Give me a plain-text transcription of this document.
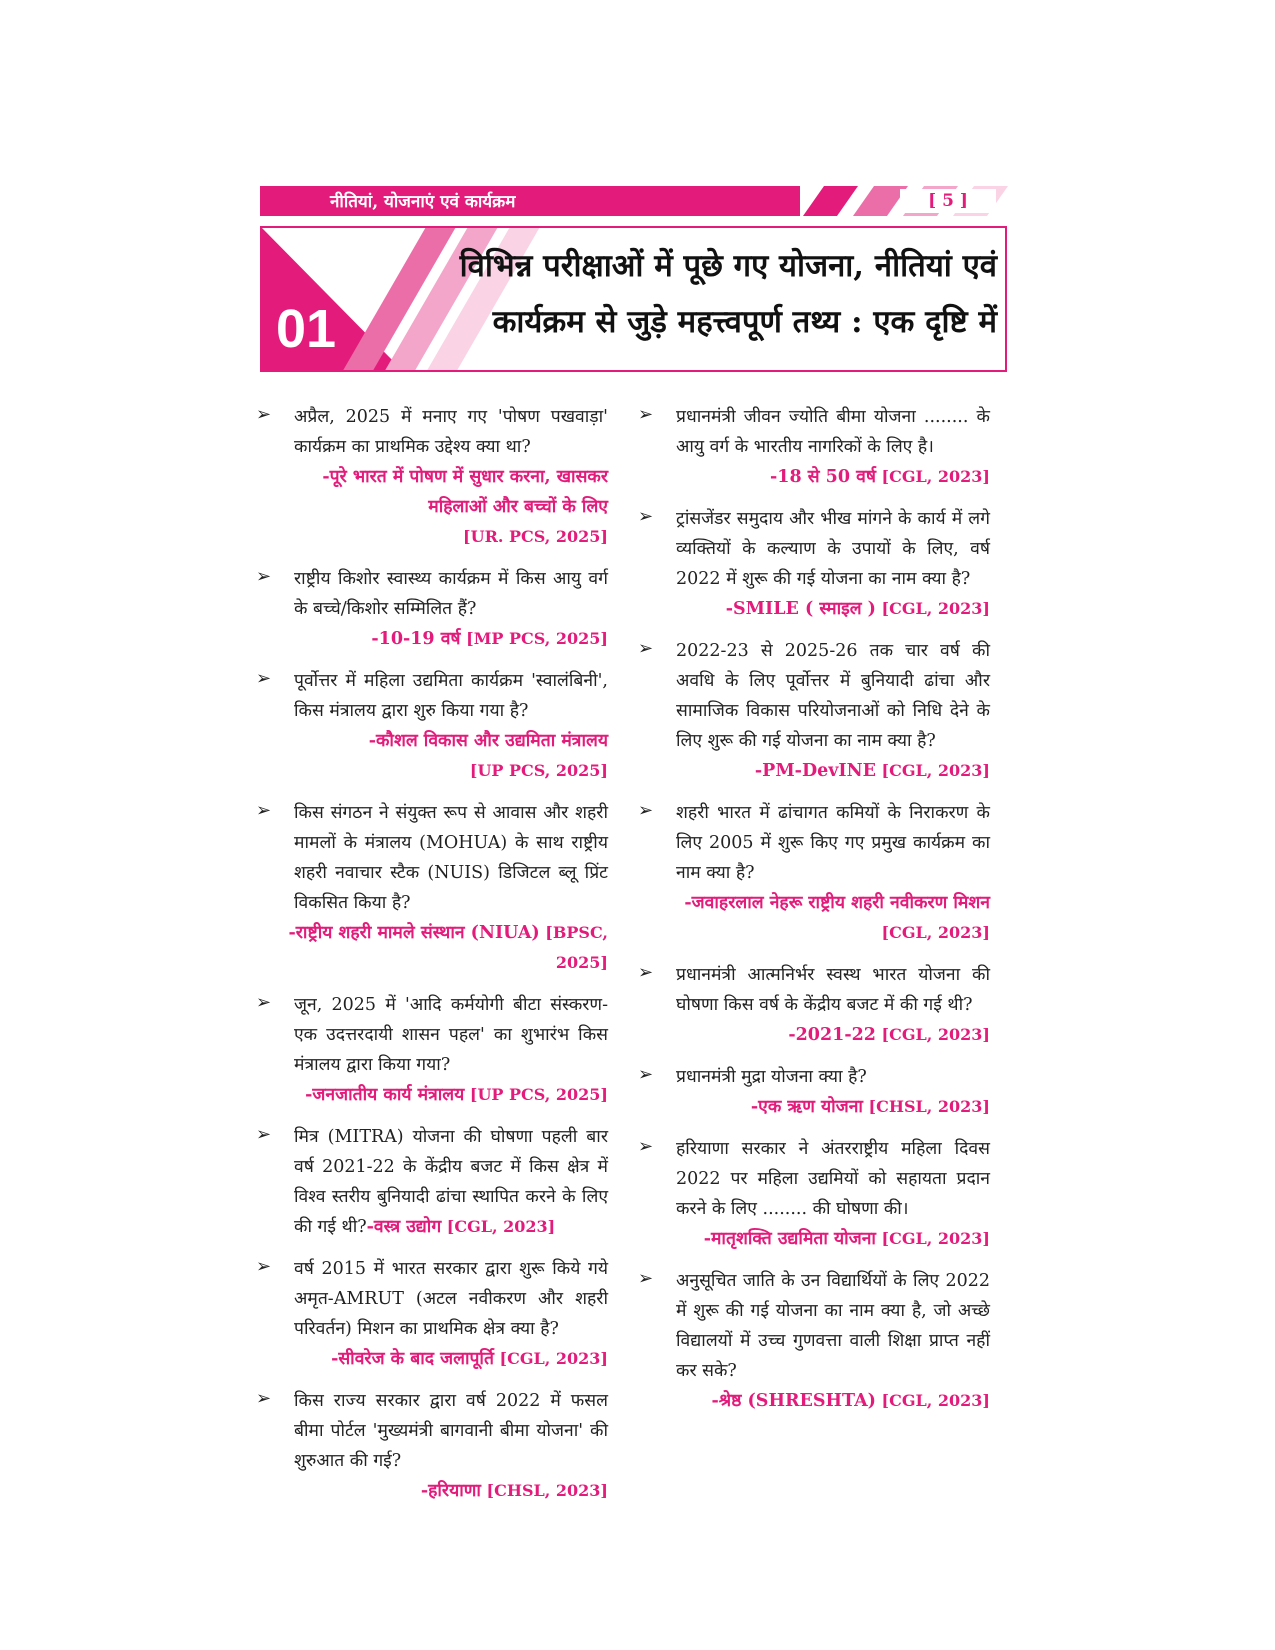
नीतियां, योजनाएं एवं कार्यक्रम	[ 5 ]
01
विभिन्न परीक्षाओं में पूछे गए योजना, नीतियां एवं
कार्यक्रम से जुड़े महत्त्वपूर्ण तथ्य : एक दृष्टि में
➢ अप्रैल, 2025 में मनाए गए 'पोषण पखवाड़ा' कार्यक्रम का प्राथमिक उद्देश्य क्या था?
-पूरे भारत में पोषण में सुधार करना, खासकर महिलाओं और बच्चों के लिए
[UR. PCS, 2025]
➢ राष्ट्रीय किशोर स्वास्थ्य कार्यक्रम में किस आयु वर्ग के बच्चे/किशोर सम्मिलित हैं?
-10-19 वर्ष [MP PCS, 2025]
➢ पूर्वोत्तर में महिला उद्यमिता कार्यक्रम 'स्वालंबिनी', किस मंत्रालय द्वारा शुरु किया गया है?
-कौशल विकास और उद्यमिता मंत्रालय
[UP PCS, 2025]
➢ किस संगठन ने संयुक्त रूप से आवास और शहरी मामलों के मंत्रालय (MOHUA) के साथ राष्ट्रीय शहरी नवाचार स्टैक (NUIS) डिजिटल ब्लू प्रिंट विकसित किया है?
-राष्ट्रीय शहरी मामले संस्थान (NIUA) [BPSC, 2025]
➢ जून, 2025 में 'आदि कर्मयोगी बीटा संस्करण-एक उदत्तरदायी शासन पहल' का शुभारंभ किस मंत्रालय द्वारा किया गया?
-जनजातीय कार्य मंत्रालय [UP PCS, 2025]
➢ मित्र (MITRA) योजना की घोषणा पहली बार वर्ष 2021-22 के केंद्रीय बजट में किस क्षेत्र में विश्व स्तरीय बुनियादी ढांचा स्थापित करने के लिए की गई थी?-वस्त्र उद्योग [CGL, 2023]
➢ वर्ष 2015 में भारत सरकार द्वारा शुरू किये गये अमृत-AMRUT (अटल नवीकरण और शहरी परिवर्तन) मिशन का प्राथमिक क्षेत्र क्या है?
-सीवरेज के बाद जलापूर्ति [CGL, 2023]
➢ किस राज्य सरकार द्वारा वर्ष 2022 में फसल बीमा पोर्टल 'मुख्यमंत्री बागवानी बीमा योजना' की शुरुआत की गई?
-हरियाणा [CHSL, 2023]
➢ प्रधानमंत्री जीवन ज्योति बीमा योजना ........ के आयु वर्ग के भारतीय नागरिकों के लिए है।
-18 से 50 वर्ष [CGL, 2023]
➢ ट्रांसजेंडर समुदाय और भीख मांगने के कार्य में लगे व्यक्तियों के कल्याण के उपायों के लिए, वर्ष 2022 में शुरू की गई योजना का नाम क्या है?
-SMILE ( स्माइल ) [CGL, 2023]
➢ 2022-23 से 2025-26 तक चार वर्ष की अवधि के लिए पूर्वोत्तर में बुनियादी ढांचा और सामाजिक विकास परियोजनाओं को निधि देने के लिए शुरू की गई योजना का नाम क्या है?
-PM-DevINE [CGL, 2023]
➢ शहरी भारत में ढांचागत कमियों के निराकरण के लिए 2005 में शुरू किए गए प्रमुख कार्यक्रम का नाम क्या है?
-जवाहरलाल नेहरू राष्ट्रीय शहरी नवीकरण मिशन [CGL, 2023]
➢ प्रधानमंत्री आत्मनिर्भर स्वस्थ भारत योजना की घोषणा किस वर्ष के केंद्रीय बजट में की गई थी?
-2021-22 [CGL, 2023]
➢ प्रधानमंत्री मुद्रा योजना क्या है?
-एक ऋण योजना [CHSL, 2023]
➢ हरियाणा सरकार ने अंतरराष्ट्रीय महिला दिवस 2022 पर महिला उद्यमियों को सहायता प्रदान करने के लिए ........ की घोषणा की।
-मातृशक्ति उद्यमिता योजना [CGL, 2023]
➢ अनुसूचित जाति के उन विद्यार्थियों के लिए 2022 में शुरू की गई योजना का नाम क्या है, जो अच्छे विद्यालयों में उच्च गुणवत्ता वाली शिक्षा प्राप्त नहीं कर सके?
-श्रेष्ठ (SHRESHTA) [CGL, 2023]
